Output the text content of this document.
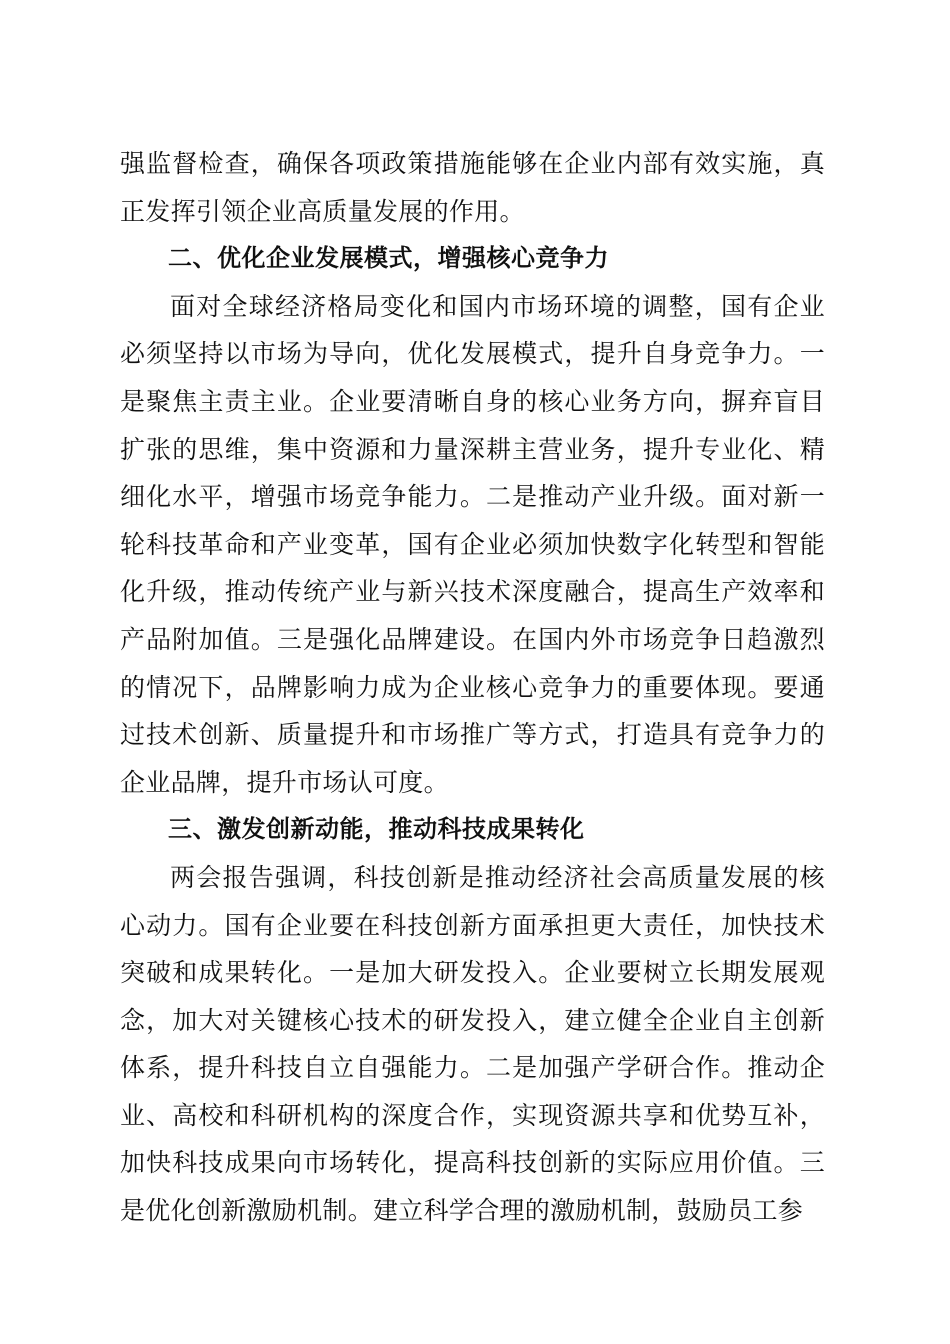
强监督检查，确保各项政策措施能够在企业内部有效实施，真正发挥引领企业高质量发展的作用。

二、优化企业发展模式，增强核心竞争力

面对全球经济格局变化和国内市场环境的调整，国有企业必须坚持以市场为导向，优化发展模式，提升自身竞争力。一是聚焦主责主业。企业要清晰自身的核心业务方向，摒弃盲目扩张的思维，集中资源和力量深耕主营业务，提升专业化、精细化水平，增强市场竞争能力。二是推动产业升级。面对新一轮科技革命和产业变革，国有企业必须加快数字化转型和智能化升级，推动传统产业与新兴技术深度融合，提高生产效率和产品附加值。三是强化品牌建设。在国内外市场竞争日趋激烈的情况下，品牌影响力成为企业核心竞争力的重要体现。要通过技术创新、质量提升和市场推广等方式，打造具有竞争力的企业品牌，提升市场认可度。

三、激发创新动能，推动科技成果转化

两会报告强调，科技创新是推动经济社会高质量发展的核心动力。国有企业要在科技创新方面承担更大责任，加快技术突破和成果转化。一是加大研发投入。企业要树立长期发展观念，加大对关键核心技术的研发投入，建立健全企业自主创新体系，提升科技自立自强能力。二是加强产学研合作。推动企业、高校和科研机构的深度合作，实现资源共享和优势互补，加快科技成果向市场转化，提高科技创新的实际应用价值。三是优化创新激励机制。建立科学合理的激励机制，鼓励员工参
